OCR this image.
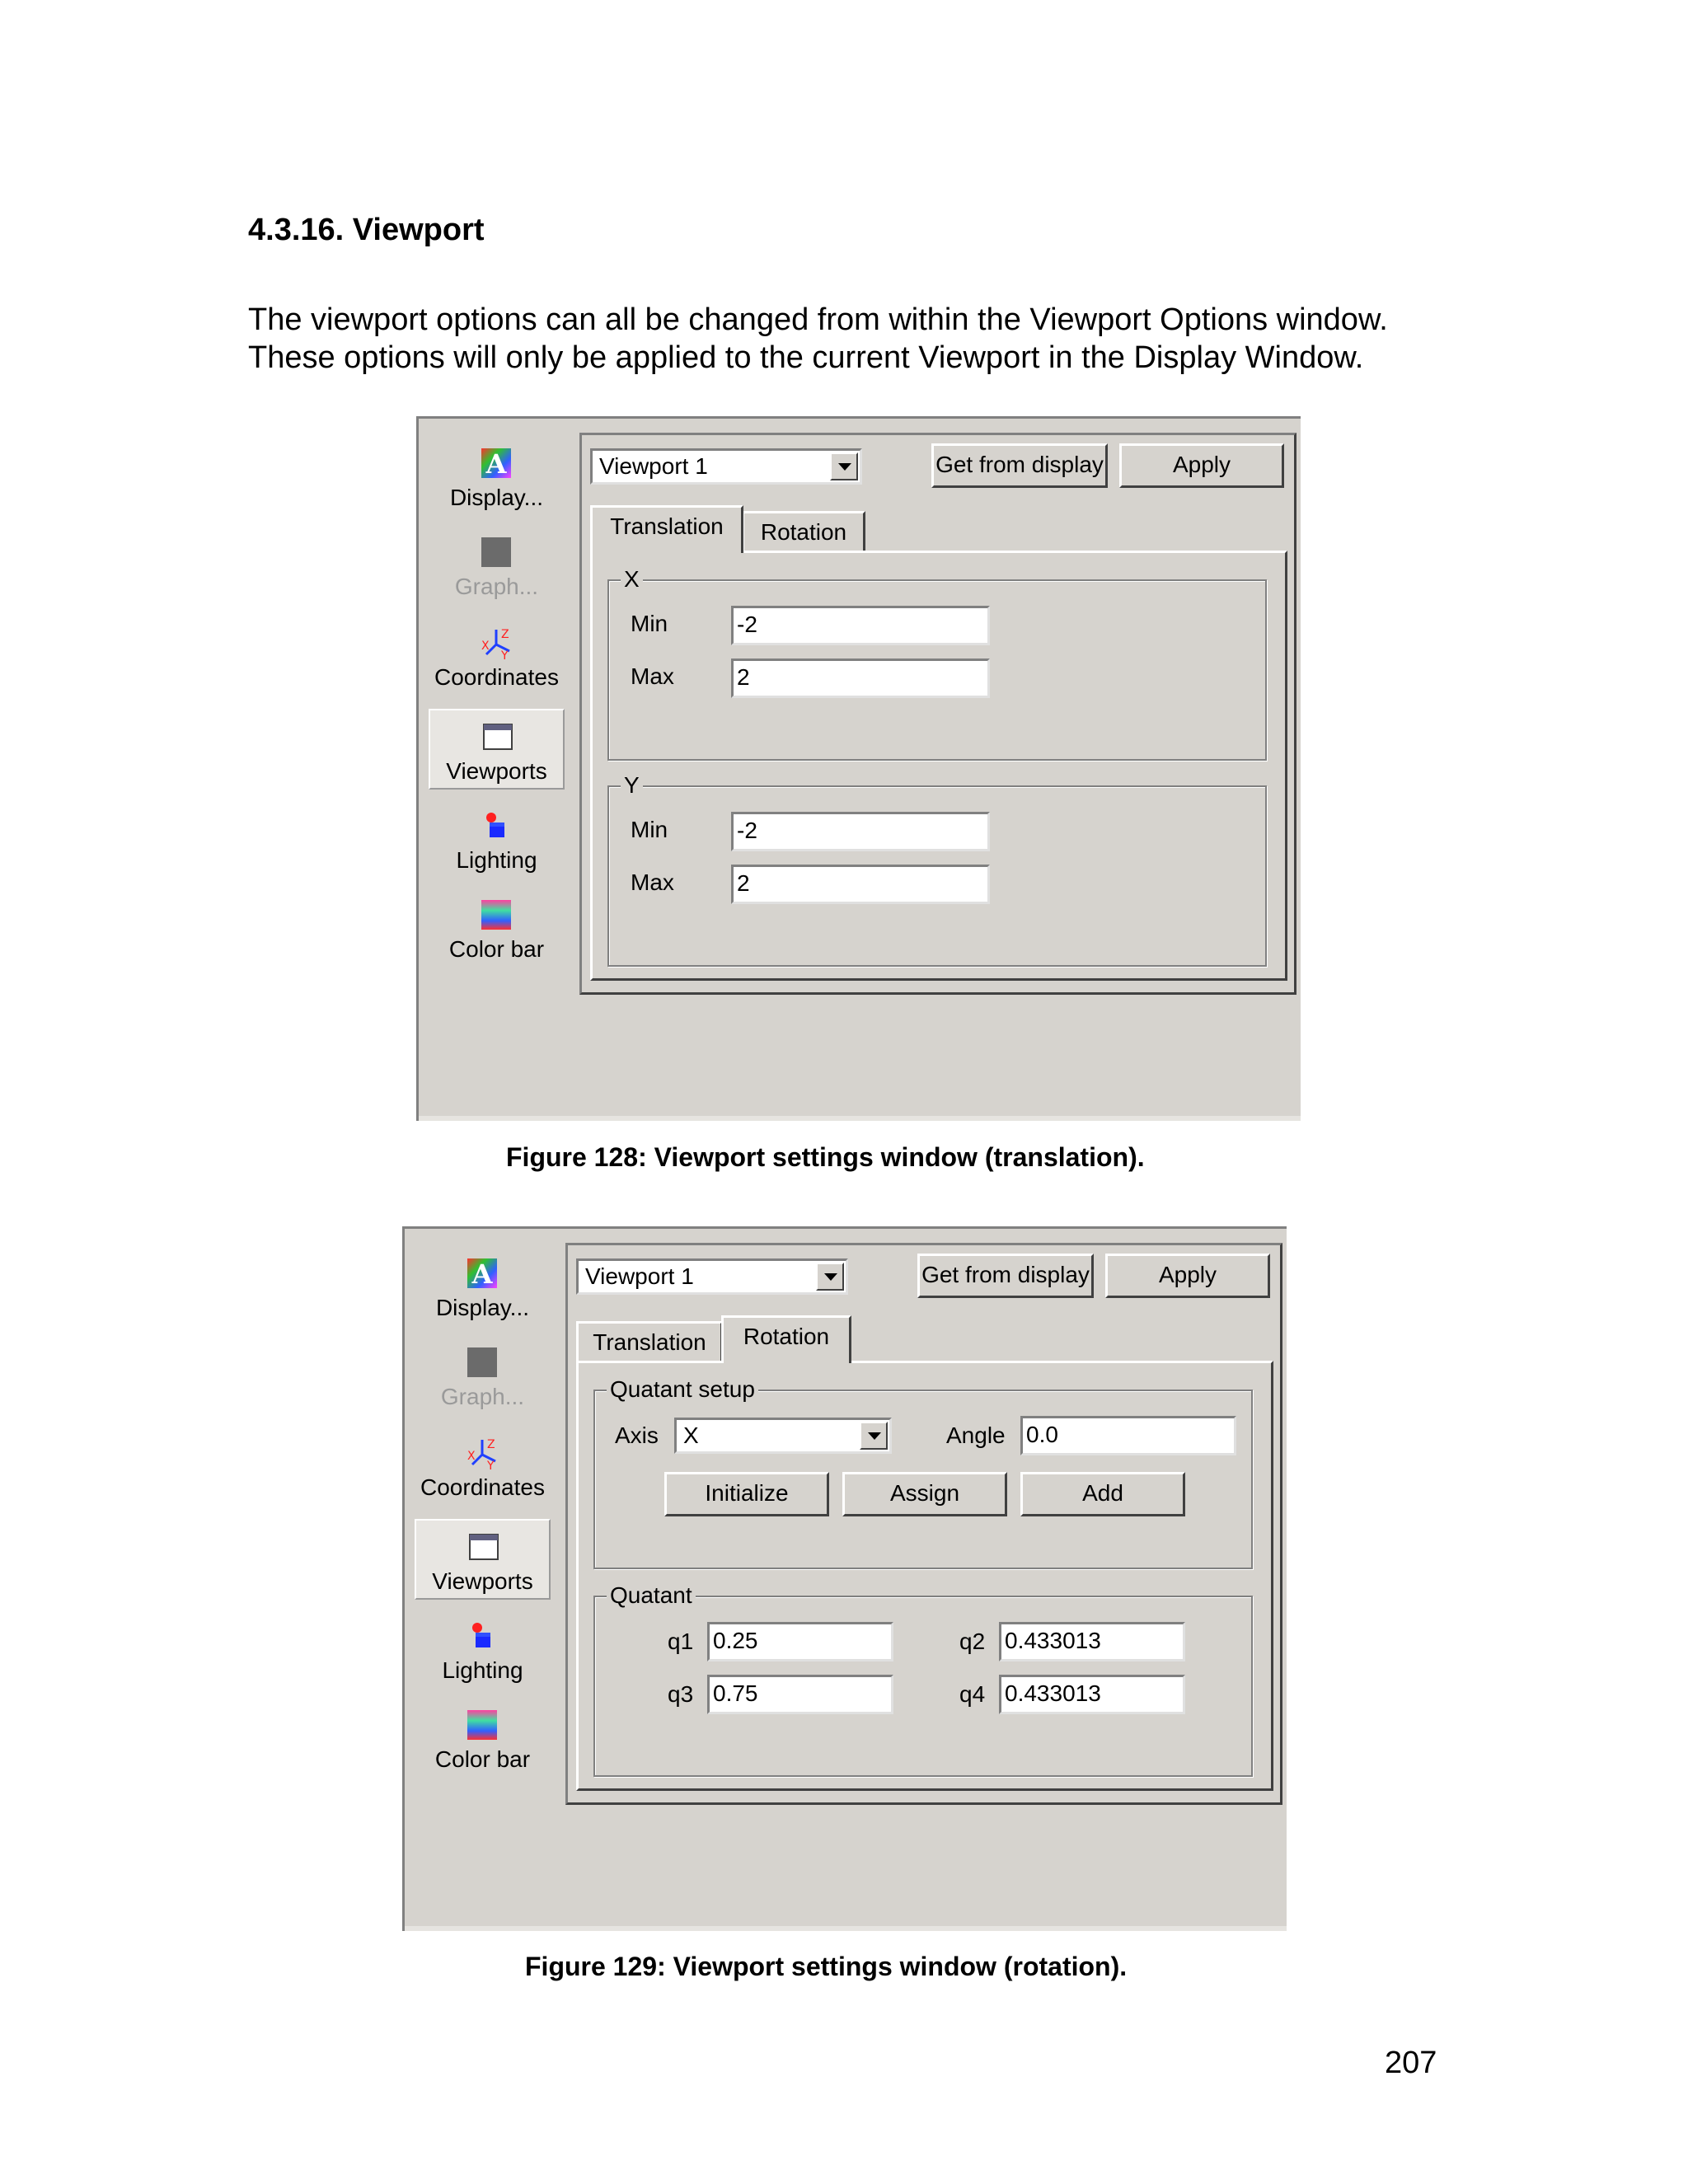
4.3.16. Viewport
The viewport options can all be changed from within the Viewport Options window. These options will only be applied to the current Viewport in the Display Window.
A
Display...
Graph...
Z
X
Y
Coordinates
Viewports
Lighting
Color bar
Viewport 1	Get from display	Apply
Translation	Rotation
X
Min	-2
Max	2
Y
Min	-2
Max	2
Figure 128: Viewport settings window (translation).
A
Display...
Graph...
Z
X
Y
Coordinates
Viewports
Lighting
Color bar
Viewport 1	Get from display	Apply
Translation	Rotation
Quatant setup
Axis	X	Angle 0.0
Initialize	Assign	Add
Quatant
q1 0.25	q2 0.433013
q3 0.75	q4 0.433013
Figure 129: Viewport settings window (rotation).
207
